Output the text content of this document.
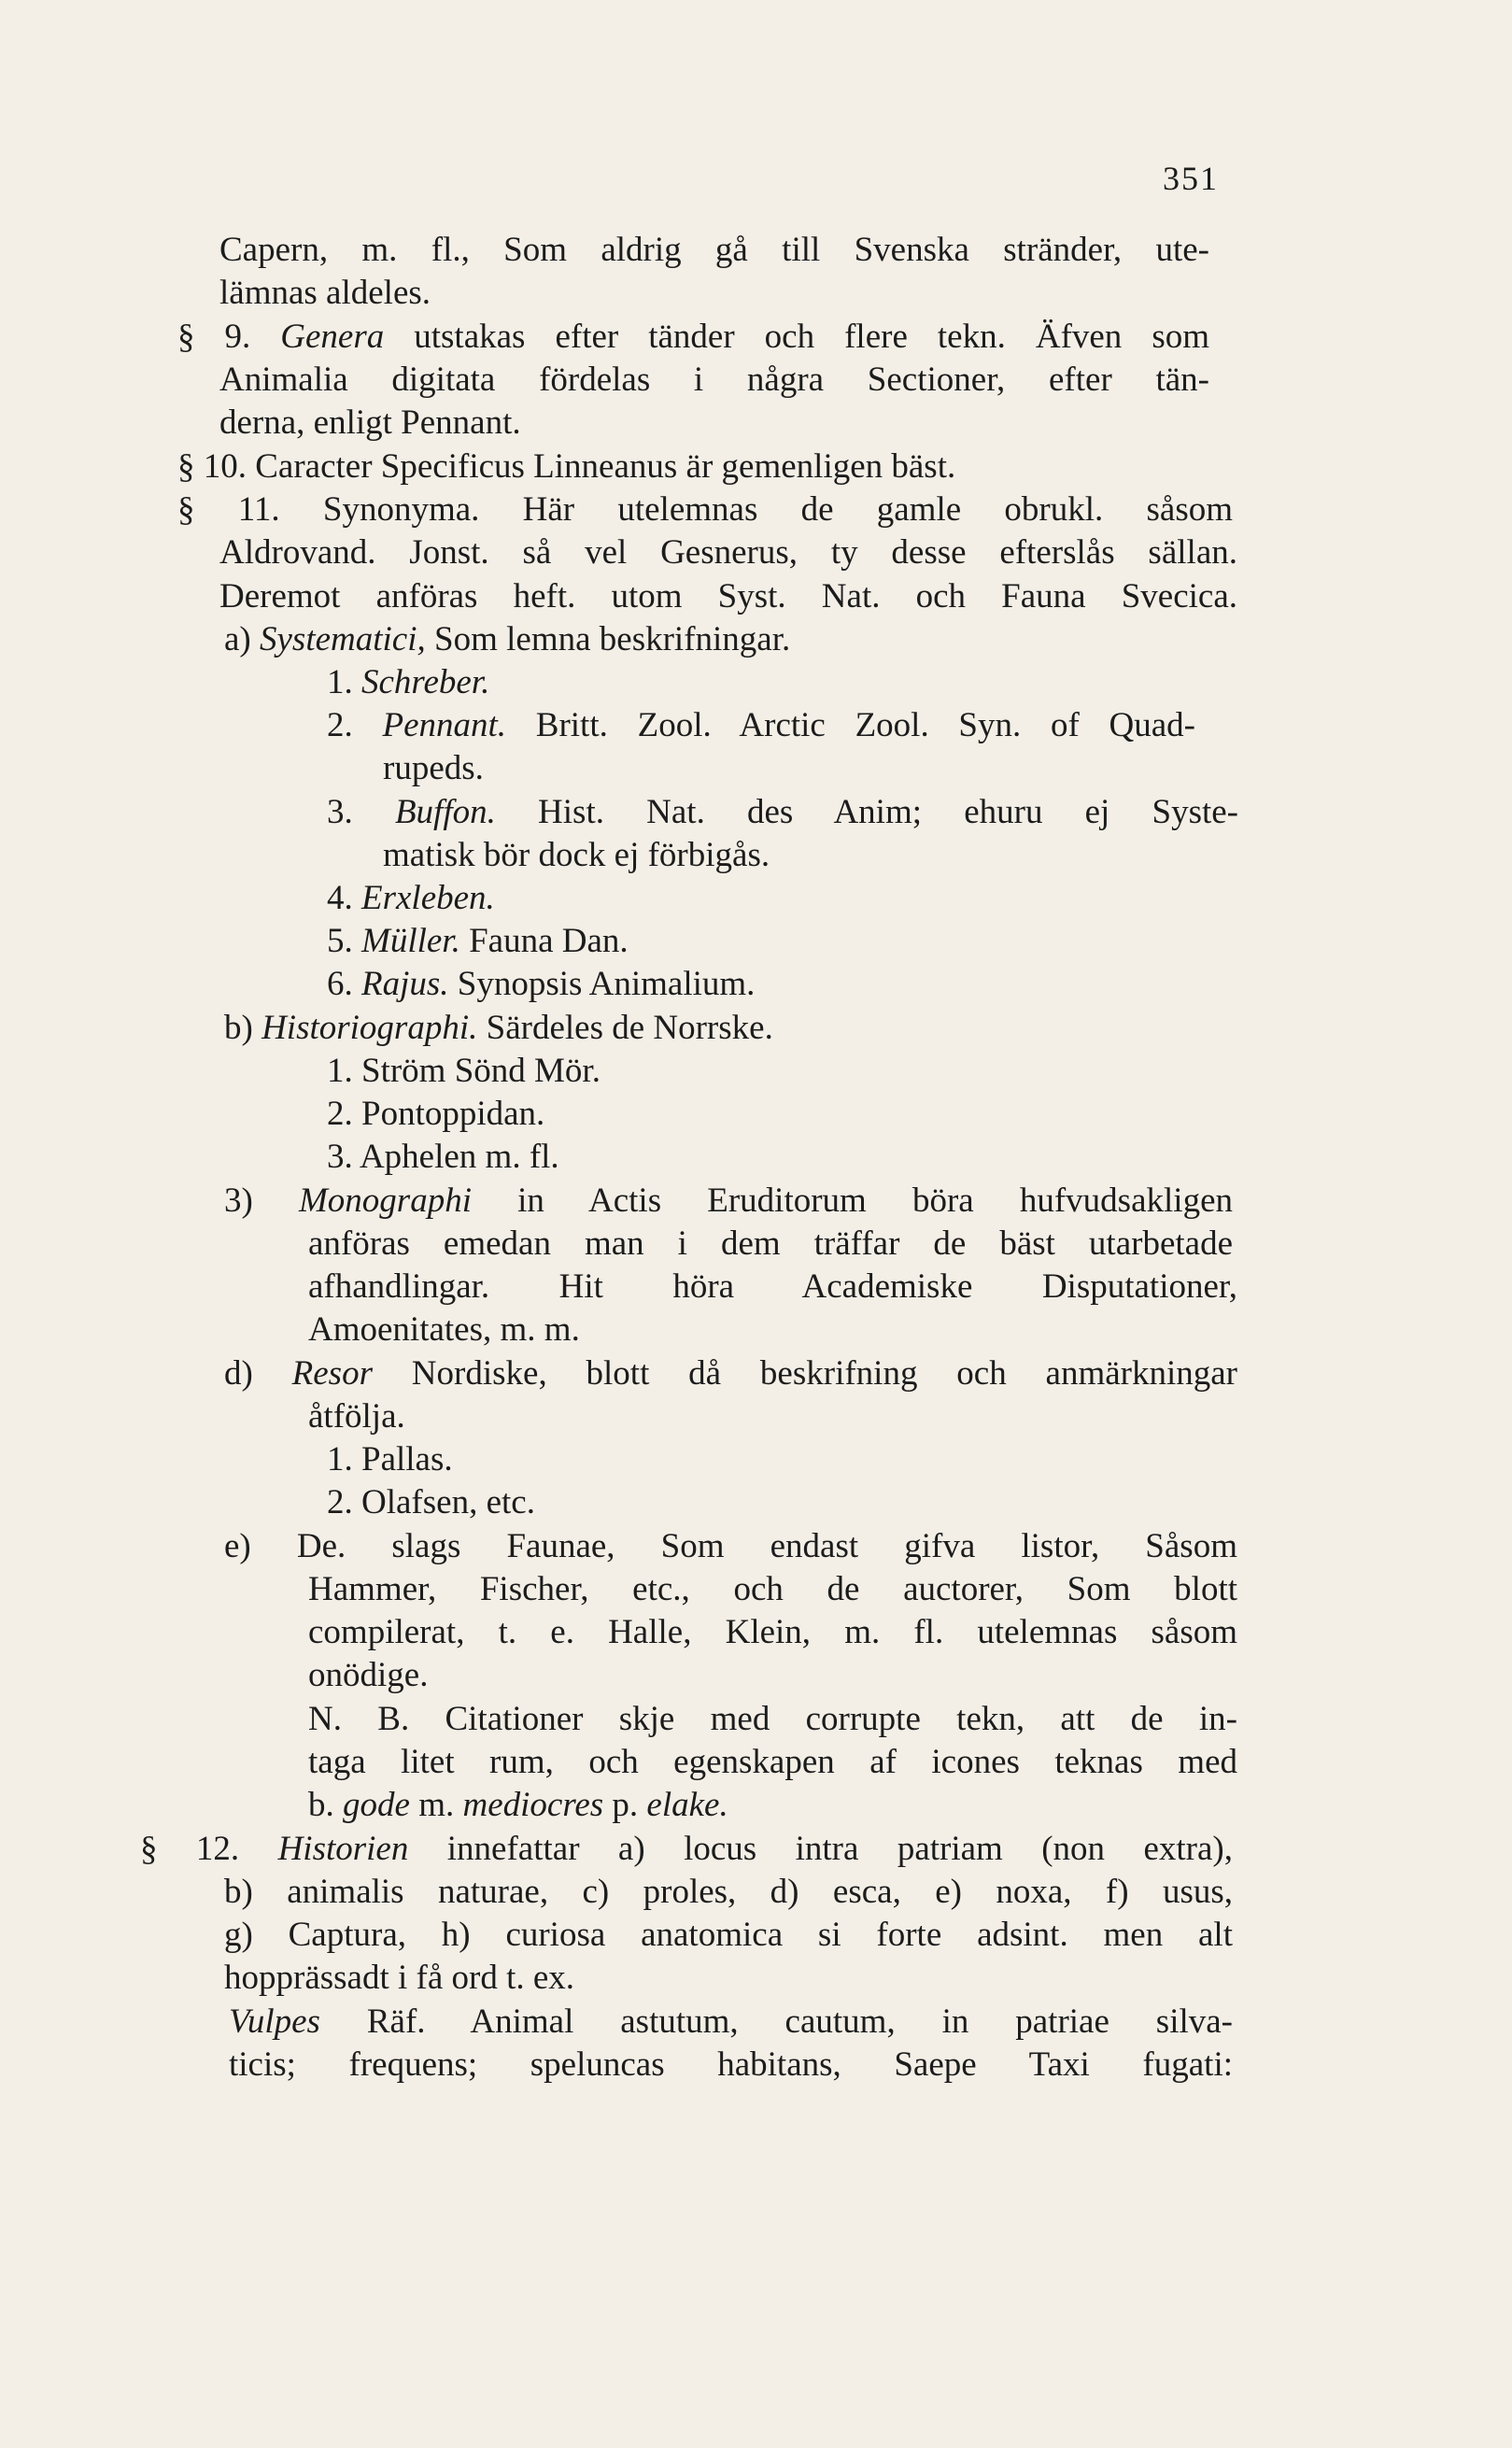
351
Capern, m. fl., Som aldrig gå till Svenska stränder, ute-
lämnas aldeles.
§ 9. Genera utstakas efter tänder och flere tekn. Äfven som
Animalia digitata fördelas i några Sectioner, efter tän-
derna, enligt Pennant.
§ 10. Caracter Specificus Linneanus är gemenligen bäst.
§ 11. Synonyma. Här utelemnas de gamle obrukl. såsom
Aldrovand. Jonst. så vel Gesnerus, ty desse efterslås sällan.
Deremot anföras heft. utom Syst. Nat. och Fauna Svecica.
a) Systematici, Som lemna beskrifningar.
1. Schreber.
2. Pennant. Britt. Zool. Arctic Zool. Syn. of Quad-
rupeds.
3. Buffon. Hist. Nat. des Anim; ehuru ej Syste-
matisk bör dock ej förbigås.
4. Erxleben.
5. Müller. Fauna Dan.
6. Rajus. Synopsis Animalium.
b) Historiographi. Särdeles de Norrske.
1. Ström Sönd Mör.
2. Pontoppidan.
3. Aphelen m. fl.
3) Monographi in Actis Eruditorum böra hufvudsakligen
anföras emedan man i dem träffar de bäst utarbetade
afhandlingar. Hit höra Academiske Disputationer,
Amoenitates, m. m.
d) Resor Nordiske, blott då beskrifning och anmärkningar
åtfölja.
1. Pallas.
2. Olafsen, etc.
e) De. slags Faunae, Som endast gifva listor, Såsom
Hammer, Fischer, etc., och de auctorer, Som blott
compilerat, t. e. Halle, Klein, m. fl. utelemnas såsom
onödige.
N. B. Citationer skje med corrupte tekn, att de in-
taga litet rum, och egenskapen af icones teknas med
b. gode m. mediocres p. elake.
§ 12. Historien innefattar a) locus intra patriam (non extra),
b) animalis naturae, c) proles, d) esca, e) noxa, f) usus,
g) Captura, h) curiosa anatomica si forte adsint. men alt
hopprässadt i få ord t. ex.
Vulpes Räf. Animal astutum, cautum, in patriae silva-
ticis; frequens; speluncas habitans, Saepe Taxi fugati:
